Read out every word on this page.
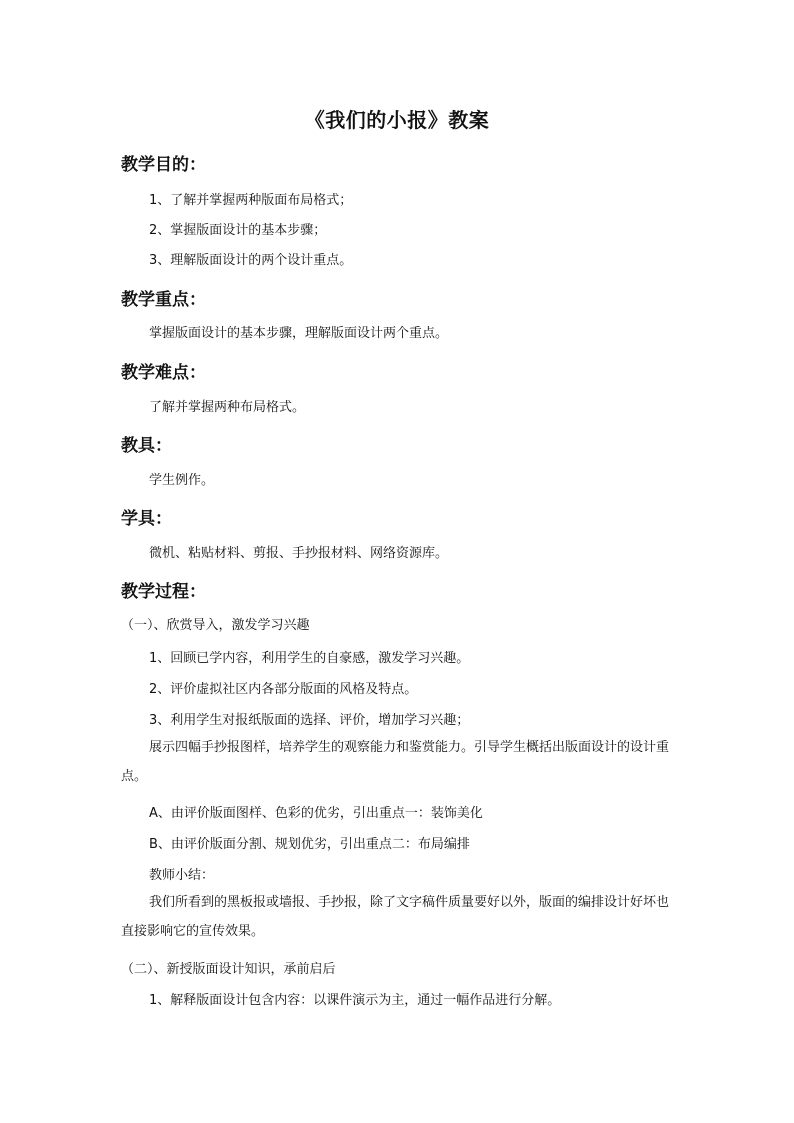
《我们的小报》教案
教学目的：
1、了解并掌握两种版面布局格式；
2、掌握版面设计的基本步骤；
3、理解版面设计的两个设计重点。
教学重点：
掌握版面设计的基本步骤，理解版面设计两个重点。
教学难点：
了解并掌握两种布局格式。
教具：
学生例作。
学具：
微机、粘贴材料、剪报、手抄报材料、网络资源库。
教学过程：
（一）、欣赏导入，激发学习兴趣
1、回顾已学内容，利用学生的自豪感，激发学习兴趣。
2、评价虚拟社区内各部分版面的风格及特点。
3、利用学生对报纸版面的选择、评价，增加学习兴趣；
展示四幅手抄报图样，培养学生的观察能力和鉴赏能力。引导学生概括出版面设计的设计重点。
A、由评价版面图样、色彩的优劣，引出重点一：装饰美化
B、由评价版面分割、规划优劣，引出重点二：布局编排
教师小结：
我们所看到的黑板报或墙报、手抄报，除了文字稿件质量要好以外，版面的编排设计好坏也直接影响它的宣传效果。
（二）、新授版面设计知识，承前启后
1、解释版面设计包含内容：以课件演示为主，通过一幅作品进行分解。
